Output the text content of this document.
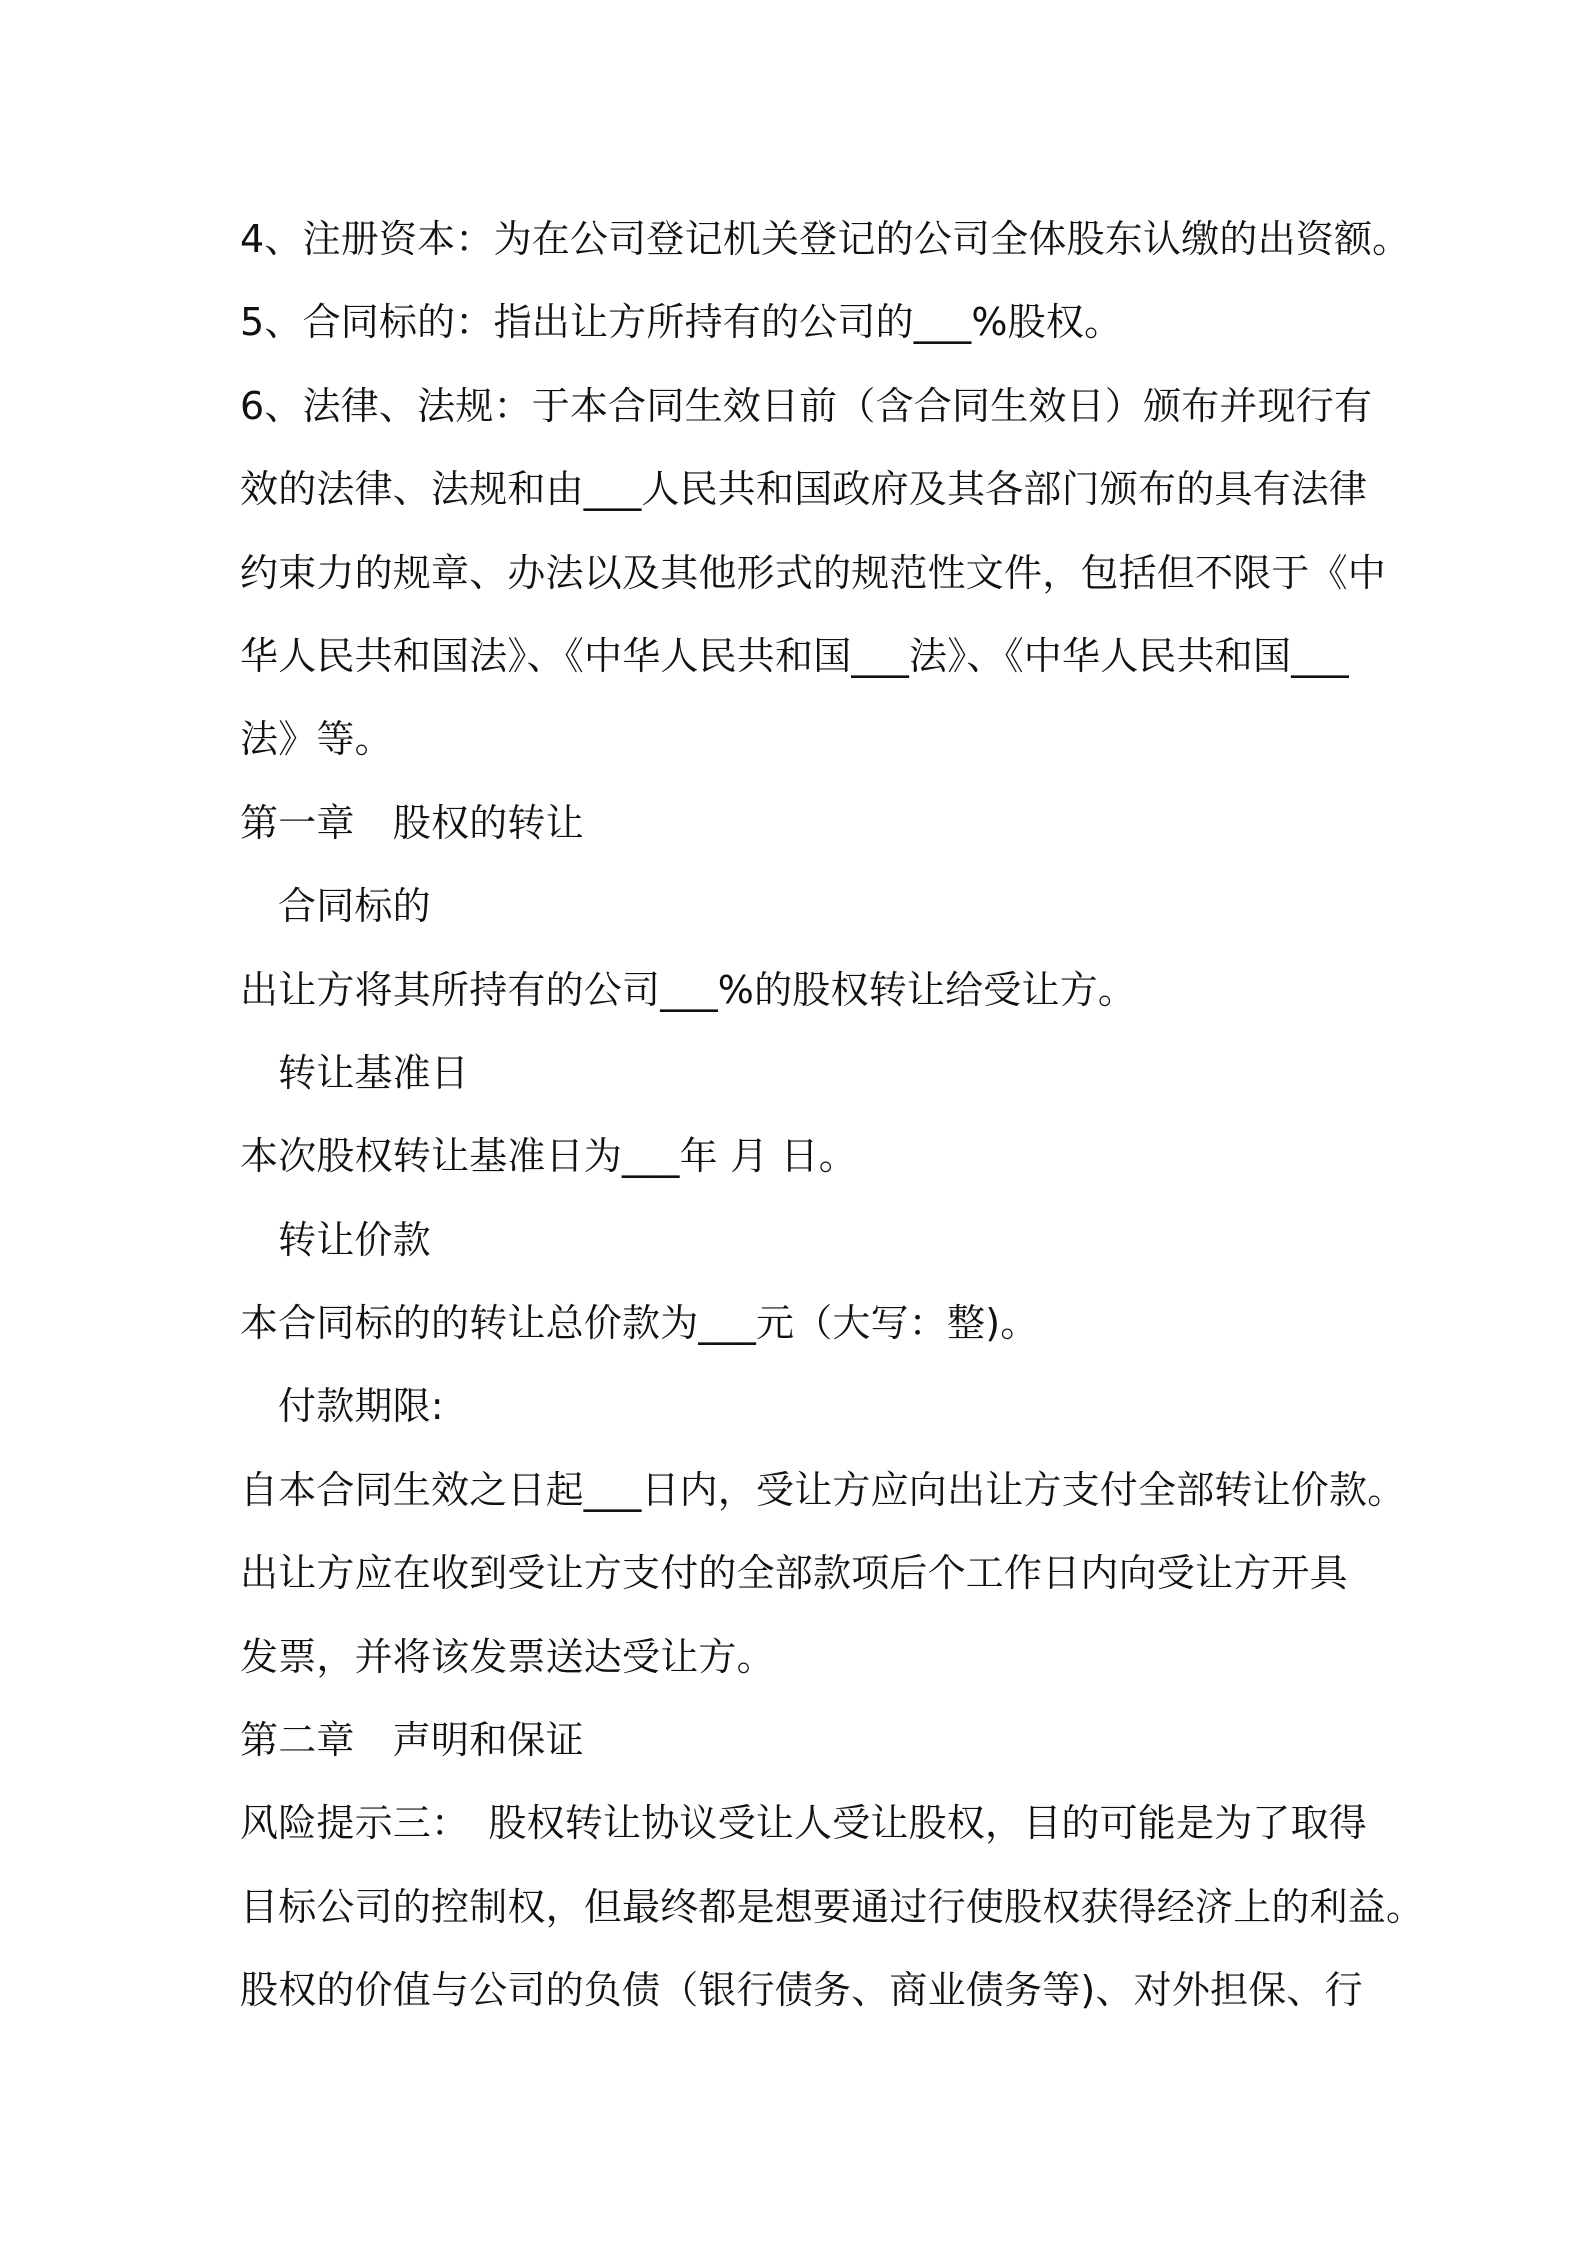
4、注册资本：为在公司登记机关登记的公司全体股东认缴的出资额。
5、合同标的：指出让方所持有的公司的___%股权。
6、法律、法规：于本合同生效日前（含合同生效日）颁布并现行有
效的法律、法规和由___人民共和国政府及其各部门颁布的具有法律
约束力的规章、办法以及其他形式的规范性文件，包括但不限于《中
华人民共和国法》、《中华人民共和国___法》、《中华人民共和国___
法》等。
第一章　股权的转让
合同标的
出让方将其所持有的公司___%的股权转让给受让方。
转让基准日
本次股权转让基准日为___年 月 日。
转让价款
本合同标的的转让总价款为___元（大写：整)。
付款期限:
自本合同生效之日起___日内，受让方应向出让方支付全部转让价款。
出让方应在收到受让方支付的全部款项后个工作日内向受让方开具
发票，并将该发票送达受让方。
第二章　声明和保证
风险提示三：　股权转让协议受让人受让股权，目的可能是为了取得
目标公司的控制权，但最终都是想要通过行使股权获得经济上的利益。
股权的价值与公司的负债（银行债务、商业债务等)、对外担保、行
